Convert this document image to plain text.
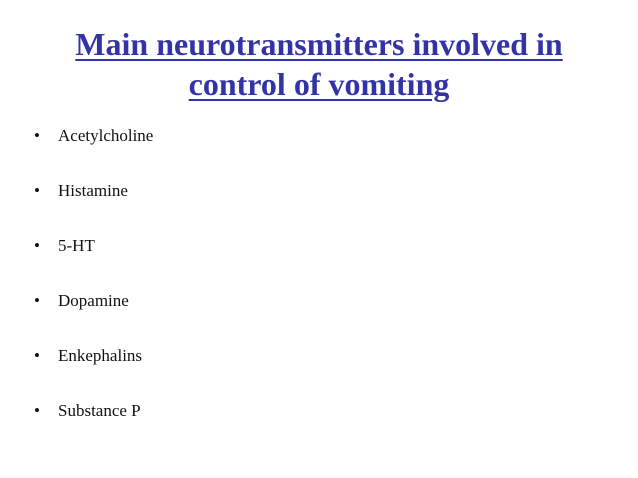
Main neurotransmitters involved in
control of vomiting
•	Acetylcholine
•	Histamine
•	5-HT
•	Dopamine
•	Enkephalins
•	Substance P
